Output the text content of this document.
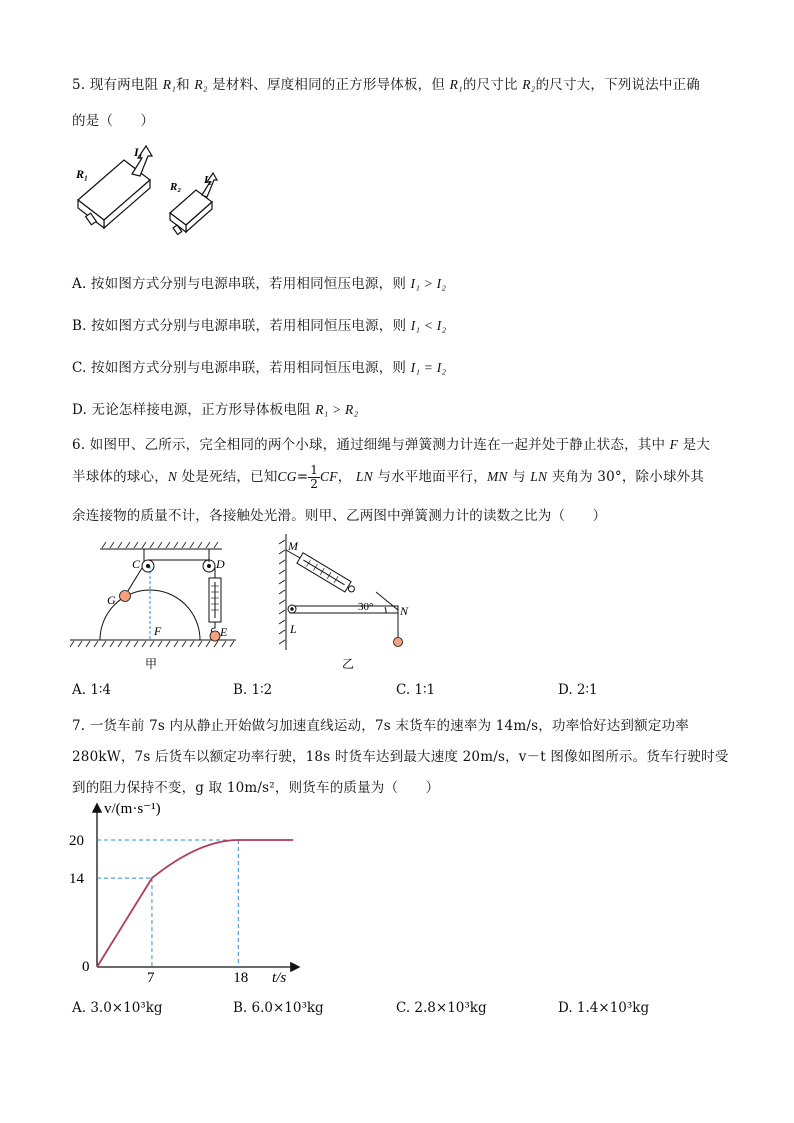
5. 现有两电阻 R₁和 R₂ 是材料、厚度相同的正方形导体板，但 R₁的尺寸比 R₂的尺寸大，下列说法中正确
的是（　　）
R₁
I₁
R₂
I₂
A. 按如图方式分别与电源串联，若用相同恒压电源，则 I₁ > I₂
B. 按如图方式分别与电源串联，若用相同恒压电源，则 I₁ < I₂
C. 按如图方式分别与电源串联，若用相同恒压电源，则 I₁ = I₂
D. 无论怎样接电源，正方形导体板电阻 R₁ > R₂
6. 如图甲、乙所示，完全相同的两个小球，通过细绳与弹簧测力计连在一起并处于静止状态，其中 F 是大
半球体的球心，N 处是死结，已知$CG= \frac{1}{2}$ CF， LN 与水平地面平行，MN 与 LN 夹角为 30°，除小球外其
余连接物的质量不计，各接触处光滑。则甲、乙两图中弹簧测力计的读数之比为（　　）
C	D
G
F	E
甲
M
N
L
30°
乙
A. 1∶4	B. 1∶2	C. 1∶1	D. 2∶1
7. 一货车前 7s 内从静止开始做匀加速直线运动，7s 末货车的速率为 14m/s，功率恰好达到额定功率
280kW，7s 后货车以额定功率行驶，18s 时货车达到最大速度 20m/s，v－t 图像如图所示。货车行驶时受
到的阻力保持不变，g 取 10m/s²，则货车的质量为（　　）
v/(m·s⁻¹)
t/s
0
7	18
14
20
A. 3.0×10³kg	B. 6.0×10³kg	C. 2.8×10³kg	D. 1.4×10³kg
